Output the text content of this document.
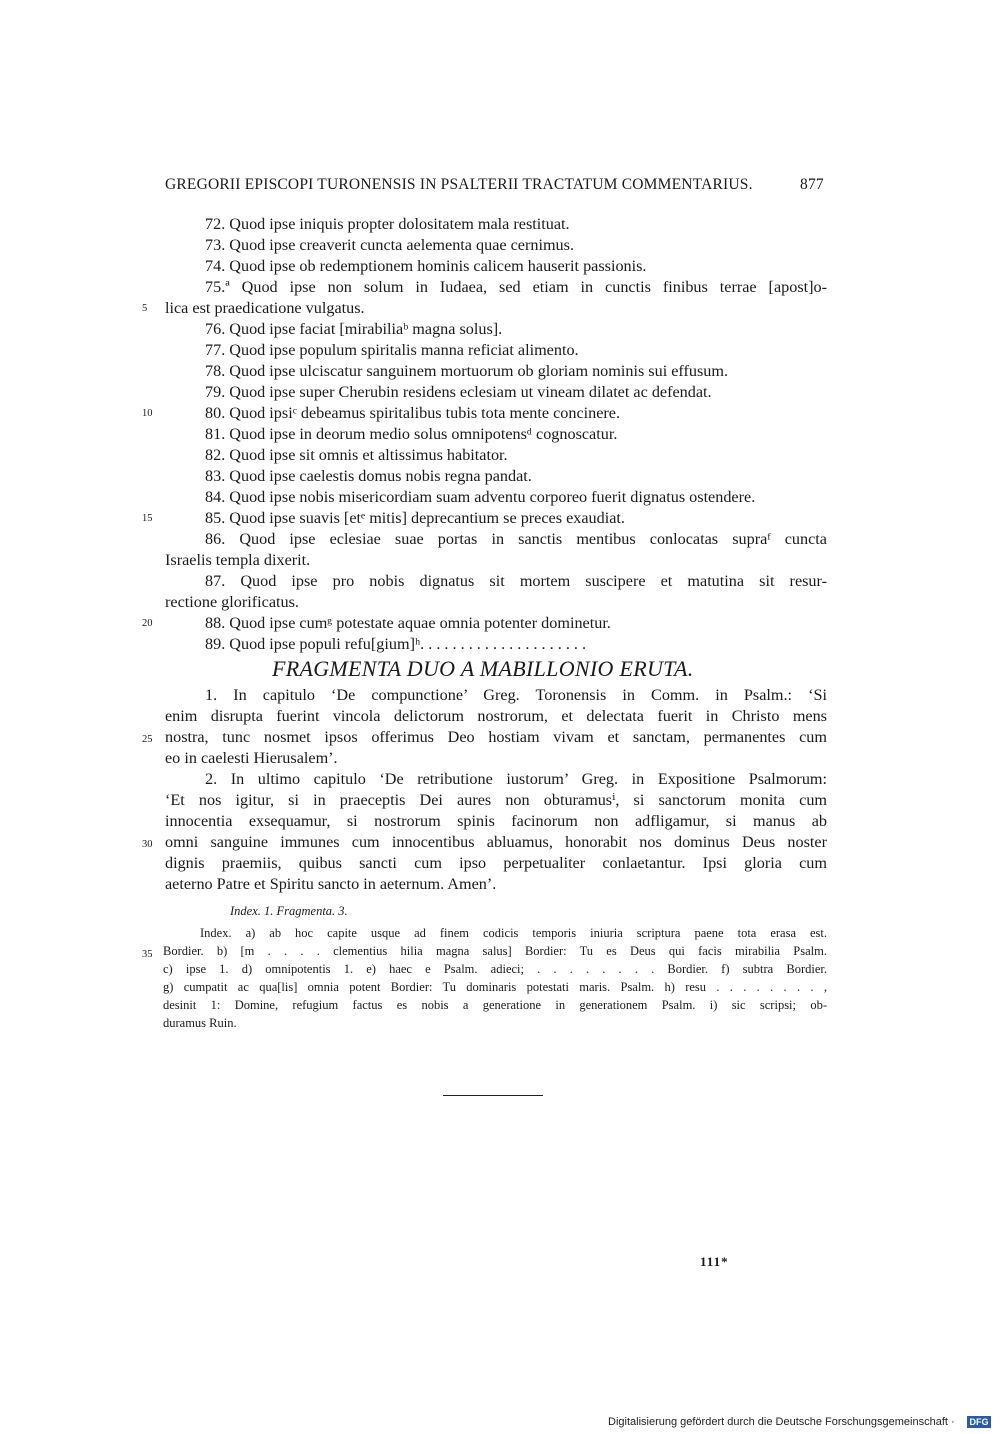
GREGORII EPISCOPI TURONENSIS IN PSALTERII TRACTATUM COMMENTARIUS.	877
72. Quod ipse iniquis propter dolositatem mala restituat.
73. Quod ipse creaverit cuncta aelementa quae cernimus.
74. Quod ipse ob redemptionem hominis calicem hauserit passionis.
75.ª Quod ipse non solum in Iudaea, sed etiam in cunctis finibus terrae [apost]o-
lica est praedicatione vulgatus.
76. Quod ipse faciat [mirabiliaᵇ magna solus].
77. Quod ipse populum spiritalis manna reficiat alimento.
78. Quod ipse ulciscatur sanguinem mortuorum ob gloriam nominis sui effusum.
79. Quod ipse super Cherubin residens eclesiam ut vineam dilatet ac defendat.
80. Quod ipsiᶜ debeamus spiritalibus tubis tota mente concinere.
81. Quod ipse in deorum medio solus omnipotensᵈ cognoscatur.
82. Quod ipse sit omnis et altissimus habitator.
83. Quod ipse caelestis domus nobis regna pandat.
84. Quod ipse nobis misericordiam suam adventu corporeo fuerit dignatus ostendere.
85. Quod ipse suavis [etᵉ mitis] deprecantium se preces exaudiat.
86. Quod ipse eclesiae suae portas in sanctis mentibus conlocatas supraᶠ cuncta
Israelis templa dixerit.
87. Quod ipse pro nobis dignatus sit mortem suscipere et matutina sit resur-
rectione glorificatus.
88. Quod ipse cumᵍ potestate aquae omnia potenter dominetur.
89. Quod ipse populi refu[gium]ʰ. . . . . . . . . . . . . . . . . . . . .
5
10
15
20
25
30
35
FRAGMENTA DUO A MABILLONIO ERUTA.
1. In capitulo ‘De compunctione’ Greg. Toronensis in Comm. in Psalm.: ‘Si
enim disrupta fuerint vincola delictorum nostrorum, et delectata fuerit in Christo mens
nostra, tunc nosmet ipsos offerimus Deo hostiam vivam et sanctam, permanentes cum
eo in caelesti Hierusalem’.
2. In ultimo capitulo ‘De retributione iustorum’ Greg. in Expositione Psalmorum:
‘Et nos igitur, si in praeceptis Dei aures non obturamusⁱ, si sanctorum monita cum
innocentia exsequamur, si nostrorum spinis facinorum non adfligamur, si manus ab
omni sanguine immunes cum innocentibus abluamus, honorabit nos dominus Deus noster
dignis praemiis, quibus sancti cum ipso perpetualiter conlaetantur. Ipsi gloria cum
aeterno Patre et Spiritu sancto in aeternum. Amen’.
Index. 1. Fragmenta. 3.
Index. a) ab hoc capite usque ad finem codicis temporis iniuria scriptura paene tota erasa est.
Bordier. b) [m . . . . clementius hilia magna salus] Bordier: Tu es Deus qui facis mirabilia Psalm.
c) ipse 1. d) omnipotentis 1. e) haec e Psalm. adieci; . . . . . . . . Bordier. f) subtra Bordier.
g) cumpatit ac qua[lis] omnia potent Bordier: Tu dominaris potestati maris. Psalm. h) resu . . . . . . . . ,
desinit 1: Domine, refugium factus es nobis a generatione in generationem Psalm. i) sic scripsi; ob-
duramus Ruin.
111*
Digitalisierung gefördert durch die Deutsche Forschungsgemeinschaft · DFG
